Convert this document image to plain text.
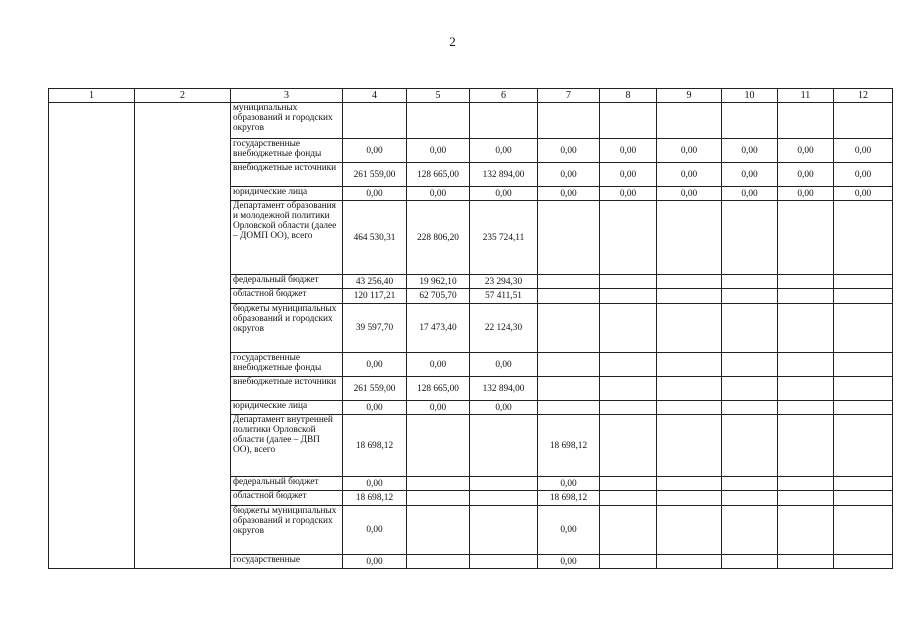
2
1	2	3	4	5	6	7	8	9	10	11	12
		муниципальных образований и городских округов									
		государственные внебюджетные фонды	0,00	0,00	0,00	0,00	0,00	0,00	0,00	0,00	0,00
		внебюджетные источники	261 559,00	128 665,00	132 894,00	0,00	0,00	0,00	0,00	0,00	0,00
		юридические лица	0,00	0,00	0,00	0,00	0,00	0,00	0,00	0,00	0,00
		Департамент образования и молодежной политики Орловской области (далее – ДОМП ОО), всего	464 530,31	228 806,20	235 724,11						
		федеральный бюджет	43 256,40	19 962,10	23 294,30						
		областной бюджет	120 117,21	62 705,70	57 411,51						
		бюджеты муниципальных образований и городских округов	39 597,70	17 473,40	22 124,30						
		государственные внебюджетные фонды	0,00	0,00	0,00						
		внебюджетные источники	261 559,00	128 665,00	132 894,00						
		юридические лица	0,00	0,00	0,00						
		Департамент внутренней политики Орловской области (далее – ДВП ОО), всего	18 698,12			18 698,12					
		федеральный бюджет	0,00			0,00					
		областной бюджет	18 698,12			18 698,12					
		бюджеты муниципальных образований и городских округов	0,00			0,00					
		государственные	0,00			0,00					
